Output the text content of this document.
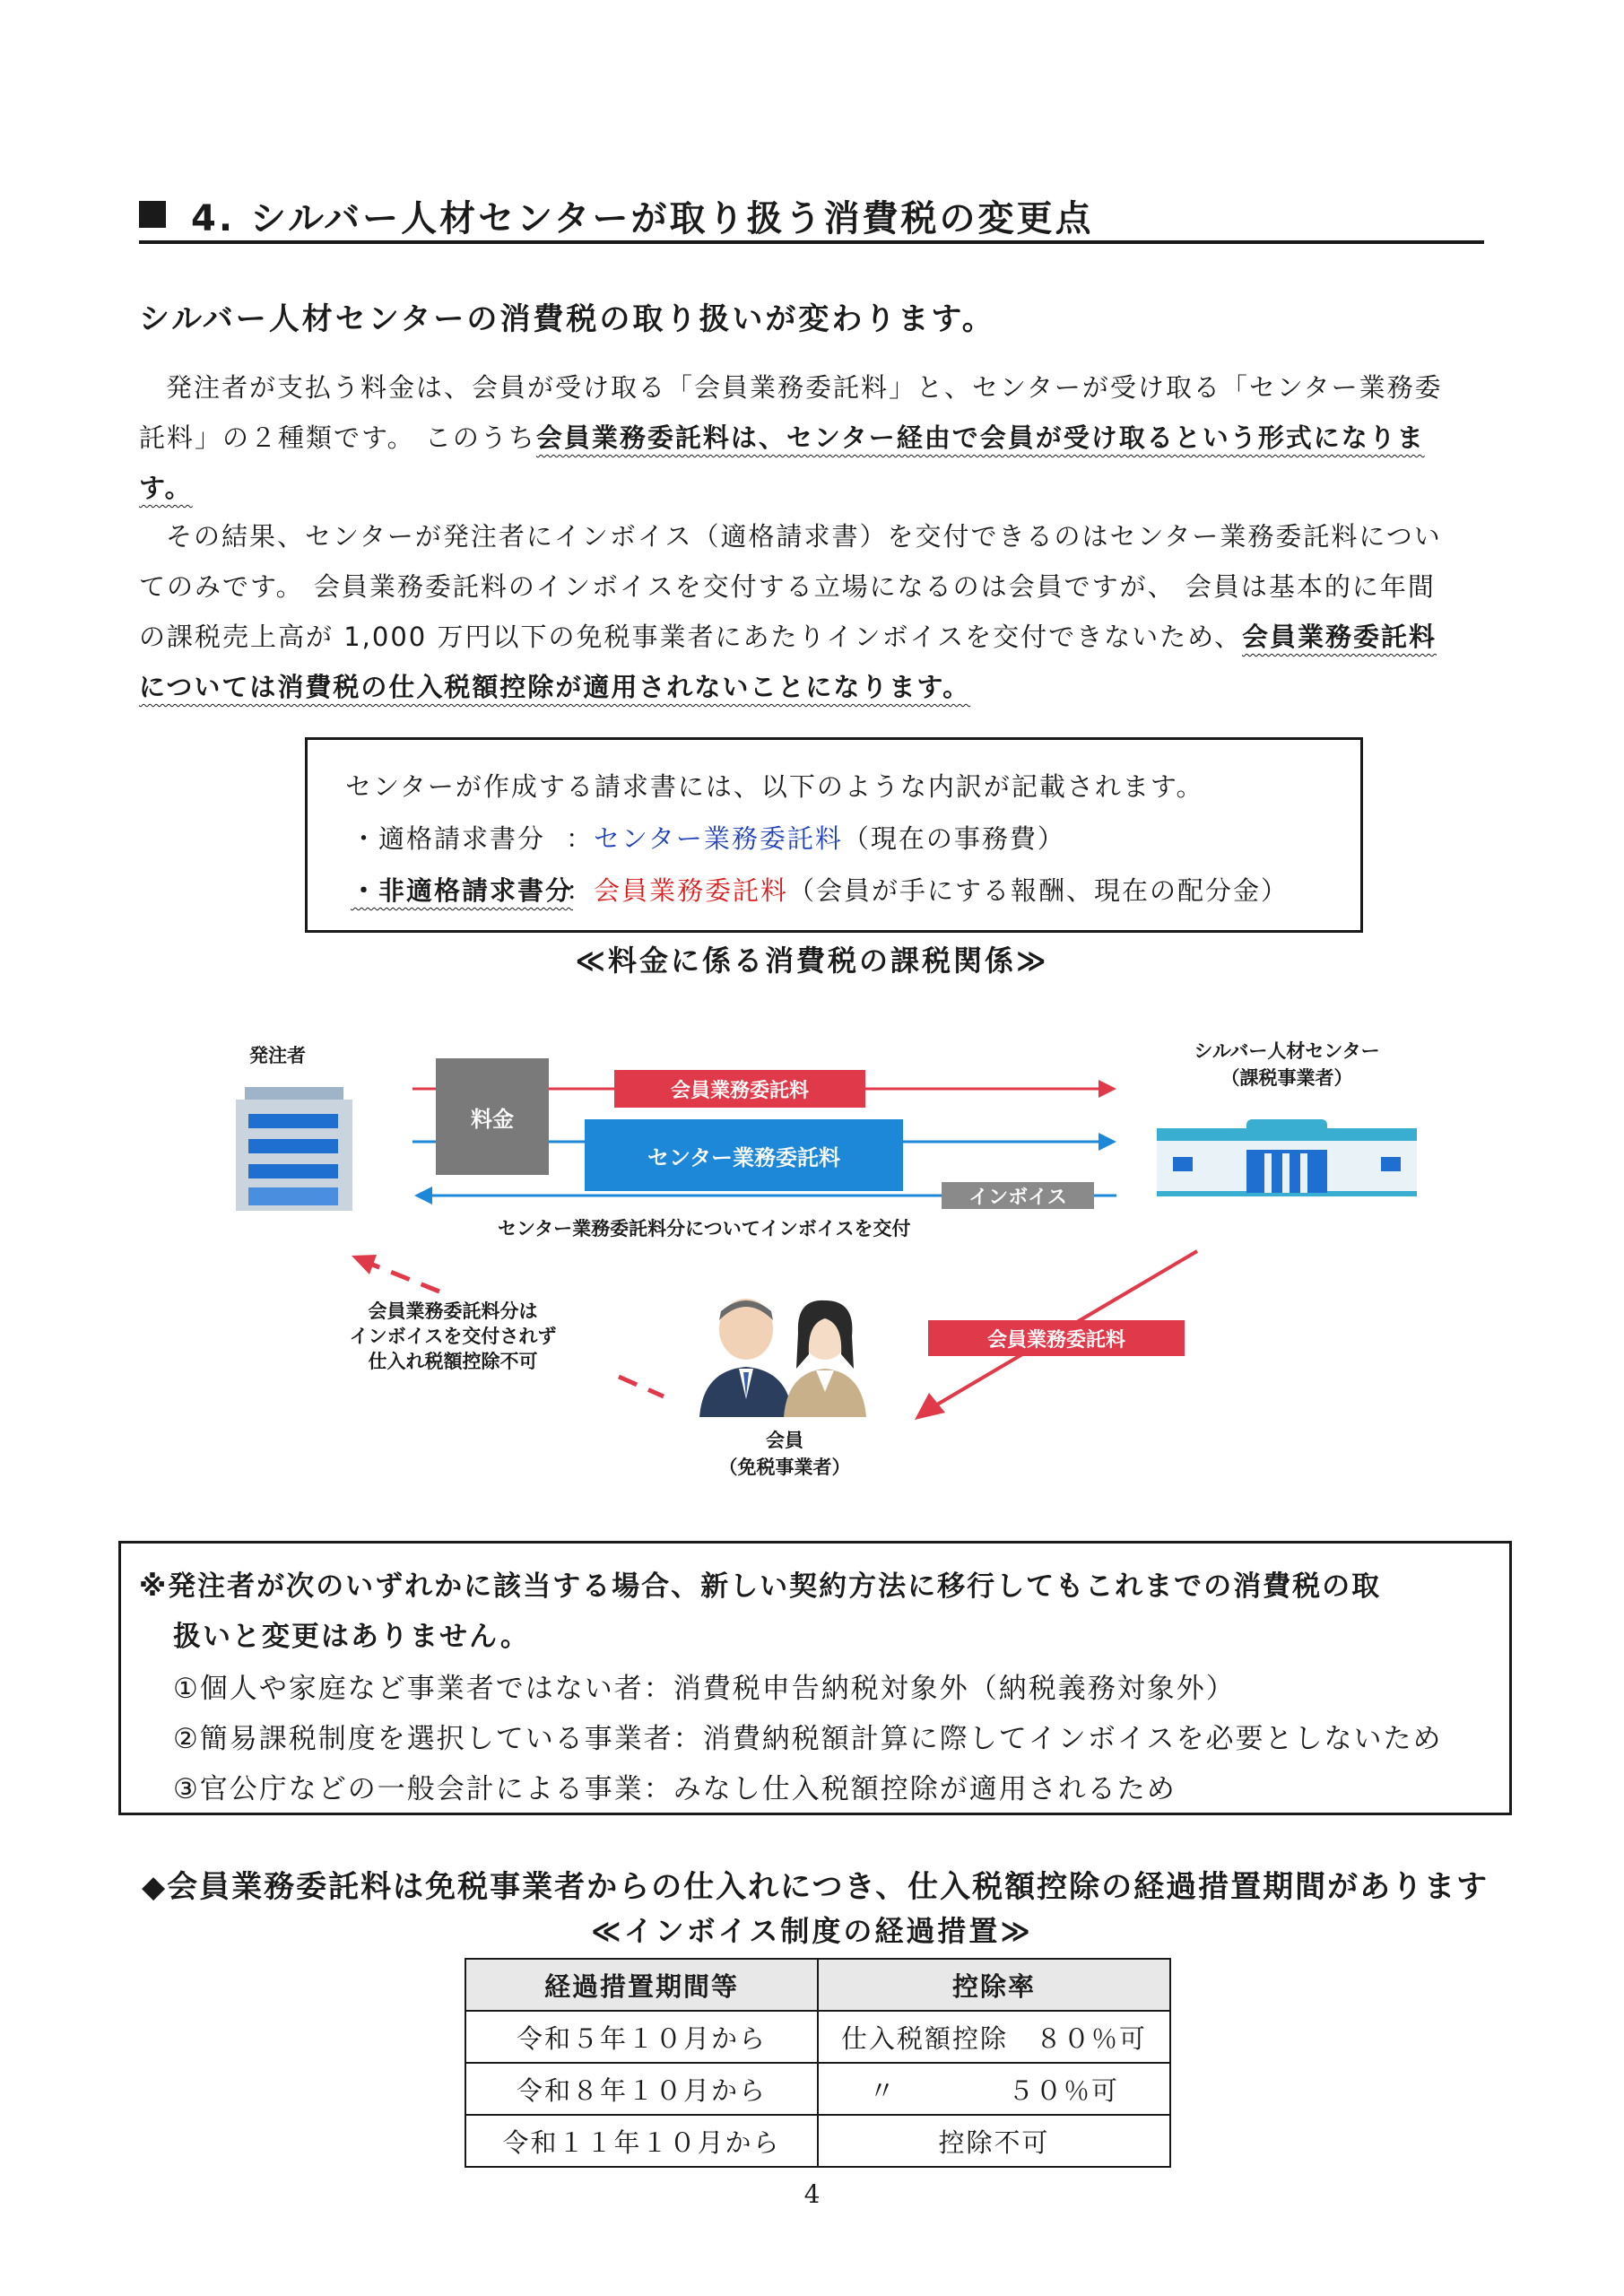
4. シルバー人材センターが取り扱う消費税の変更点
シルバー人材センターの消費税の取り扱いが変わります。
発注者が支払う料金は、会員が受け取る「会員業務委託料」と、センターが受け取る「センター業務委
託料」の２種類です。 このうち会員業務委託料は、センター経由で会員が受け取るという形式になりま
す。
その結果、センターが発注者にインボイス（適格請求書）を交付できるのはセンター業務委託料につい
てのみです。 会員業務委託料のインボイスを交付する立場になるのは会員ですが、 会員は基本的に年間
の課税売上高が 1,000 万円以下の免税事業者にあたりインボイスを交付できないため、会員業務委託料
については消費税の仕入税額控除が適用されないことになります。
センターが作成する請求書には、以下のような内訳が記載されます。
・適格請求書分 ：センター業務委託料（現在の事務費）
・非適格請求書分：会員業務委託料（会員が手にする報酬、現在の配分金）
≪料金に係る消費税の課税関係≫
発注者	シルバー人材センター
（課税事業者）
料金
会員業務委託料
センター業務委託料
インボイス
センター業務委託料分についてインボイスを交付
会員業務委託料分は
インボイスを交付されず
仕入れ税額控除不可
会員
（免税事業者）
会員業務委託料
※発注者が次のいずれかに該当する場合、新しい契約方法に移行してもこれまでの消費税の取
扱いと変更はありません。
①個人や家庭など事業者ではない者：消費税申告納税対象外（納税義務対象外）
②簡易課税制度を選択している事業者：消費納税額計算に際してインボイスを必要としないため
③官公庁などの一般会計による事業：みなし仕入税額控除が適用されるため
◆会員業務委託料は免税事業者からの仕入れにつき、仕入税額控除の経過措置期間があります
≪インボイス制度の経過措置≫
経過措置期間等	控除率
令和５年１０月から	仕入税額控除　８０％可
令和８年１０月から	〃　　　　５０％可
令和１１年１０月から	控除不可
4
